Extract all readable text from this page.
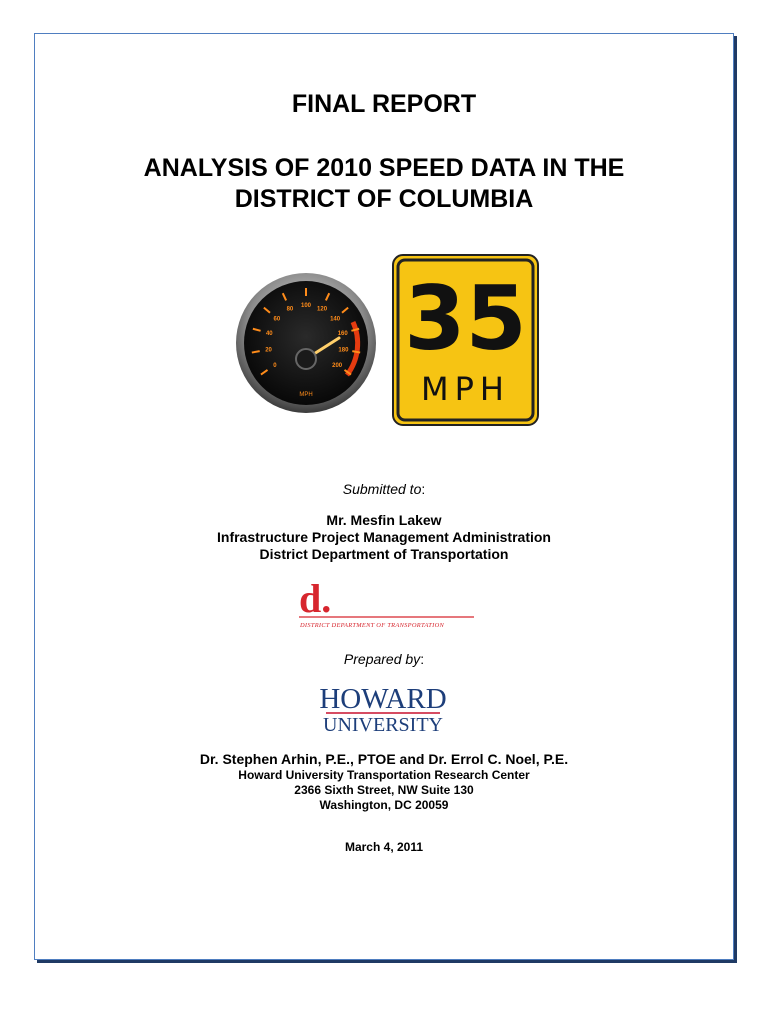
FINAL REPORT
ANALYSIS OF 2010 SPEED DATA IN THE
DISTRICT OF COLUMBIA
0
20
40
60
80
100
120
140
160
180
200
MPH
35
MPH
Submitted to:
Mr. Mesfin Lakew
Infrastructure Project Management Administration
District Department of Transportation
d.
DISTRICT DEPARTMENT OF TRANSPORTATION
Prepared by:
HOWARD
UNIVERSITY
Dr. Stephen Arhin, P.E., PTOE and Dr. Errol C. Noel, P.E.
Howard University Transportation Research Center
2366 Sixth Street, NW Suite 130
Washington, DC 20059
March 4, 2011
